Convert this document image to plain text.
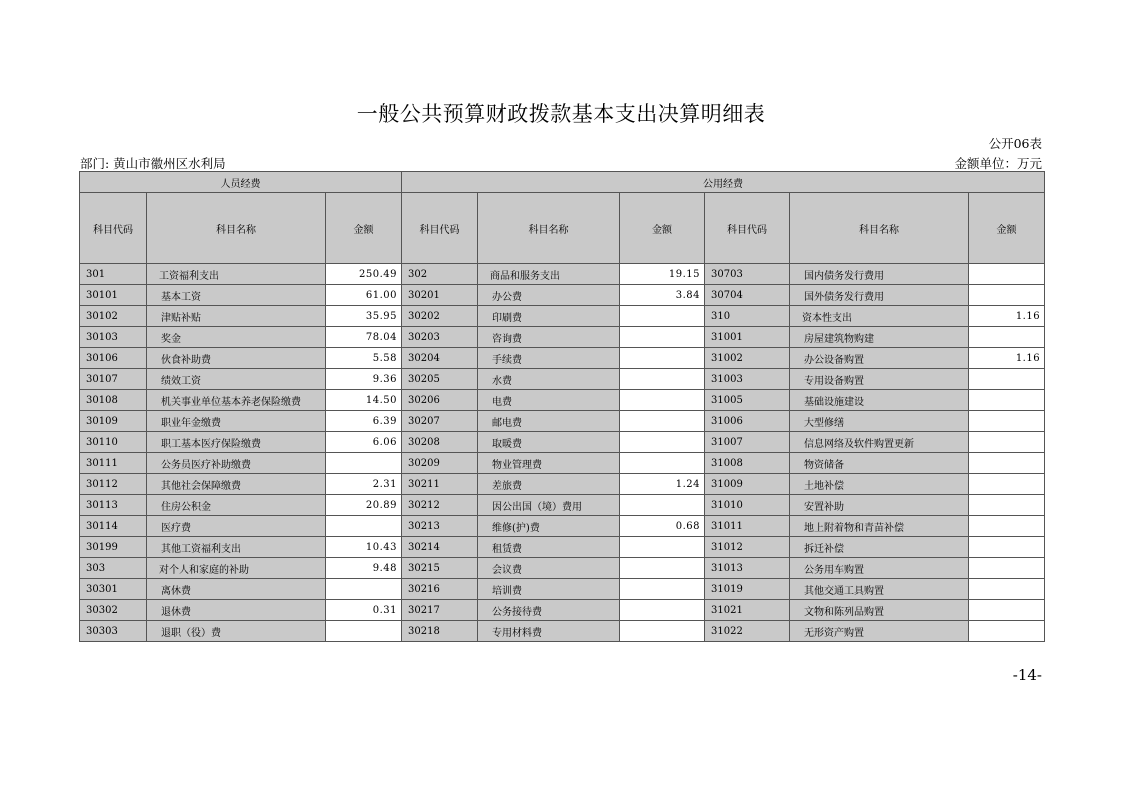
一般公共预算财政拨款基本支出决算明细表
公开06表
部门: 黄山市徽州区水利局	金额单位：万元
人员经费			公用经费					
科目代码	科目名称	金额	科目代码	科目名称	金额	科目代码	科目名称	金额
301	工资福利支出	250.49	302	商品和服务支出	19.15	30703	国内债务发行费用	
30101	基本工资	61.00	30201	办公费	3.84	30704	国外债务发行费用	
30102	津贴补贴	35.95	30202	印刷费		310	资本性支出	1.16
30103	奖金	78.04	30203	咨询费		31001	房屋建筑物购建	
30106	伙食补助费	5.58	30204	手续费		31002	办公设备购置	1.16
30107	绩效工资	9.36	30205	水费		31003	专用设备购置	
30108	机关事业单位基本养老保险缴费	14.50	30206	电费		31005	基础设施建设	
30109	职业年金缴费	6.39	30207	邮电费		31006	大型修缮	
30110	职工基本医疗保险缴费	6.06	30208	取暖费		31007	信息网络及软件购置更新	
30111	公务员医疗补助缴费		30209	物业管理费		31008	物资储备	
30112	其他社会保障缴费	2.31	30211	差旅费	1.24	31009	土地补偿	
30113	住房公积金	20.89	30212	因公出国（境）费用		31010	安置补助	
30114	医疗费		30213	维修(护)费	0.68	31011	地上附着物和青苗补偿	
30199	其他工资福利支出	10.43	30214	租赁费		31012	拆迁补偿	
303	对个人和家庭的补助	9.48	30215	会议费		31013	公务用车购置	
30301	离休费		30216	培训费		31019	其他交通工具购置	
30302	退休费	0.31	30217	公务接待费		31021	文物和陈列品购置	
30303	退职（役）费		30218	专用材料费		31022	无形资产购置	
-14-
